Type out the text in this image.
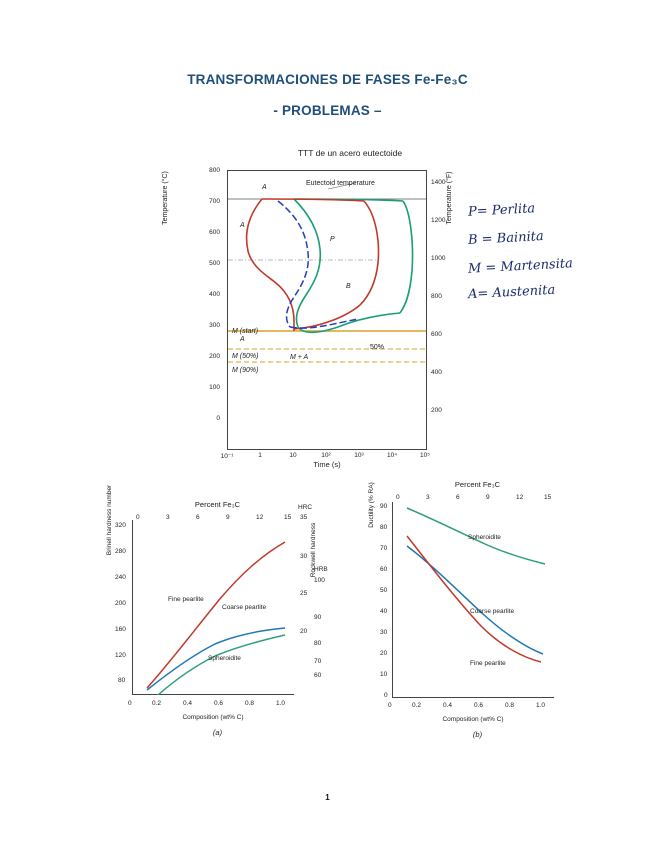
TRANSFORMACIONES DE FASES Fe-Fe₃C
- PROBLEMAS –
TTT de un acero eutectoide
Temperature (°C)	Temperature (°F)
Time (s)
800
700
600
500
400
300
200
100
0
1400
1200
1000
800
600
400
200
10⁻¹	1	10	10²	10³	10⁴	10⁵
Eutectoid temperature
A
A
A
P
B
M (start)
M (50%)
M (90%)
M + A
50%
P= Perlita
B = Bainita
M = Martensita
A= Austenita
Percent Fe₃C
0	3	6	9	12	15
HRC
35
30
25
20
HRB
100
90
80
70
60
Brinell hardness number	Rockwell hardness
80
120
160
200
240
280
320
Fine pearlite
Coarse pearlite
Spheroidite
0	0.2	0.4	0.6	0.8	1.0
Composition (wt% C)
(a)
Percent Fe₃C
0	3	6	9	12	15
Ductility (% RA) 90
80
70
60
50
40
30
20
10
0
Spheroidite
Coarse pearlite
Fine pearlite
0	0.2	0.4	0.6	0.8	1.0
Composition (wt% C)
(b)
1
